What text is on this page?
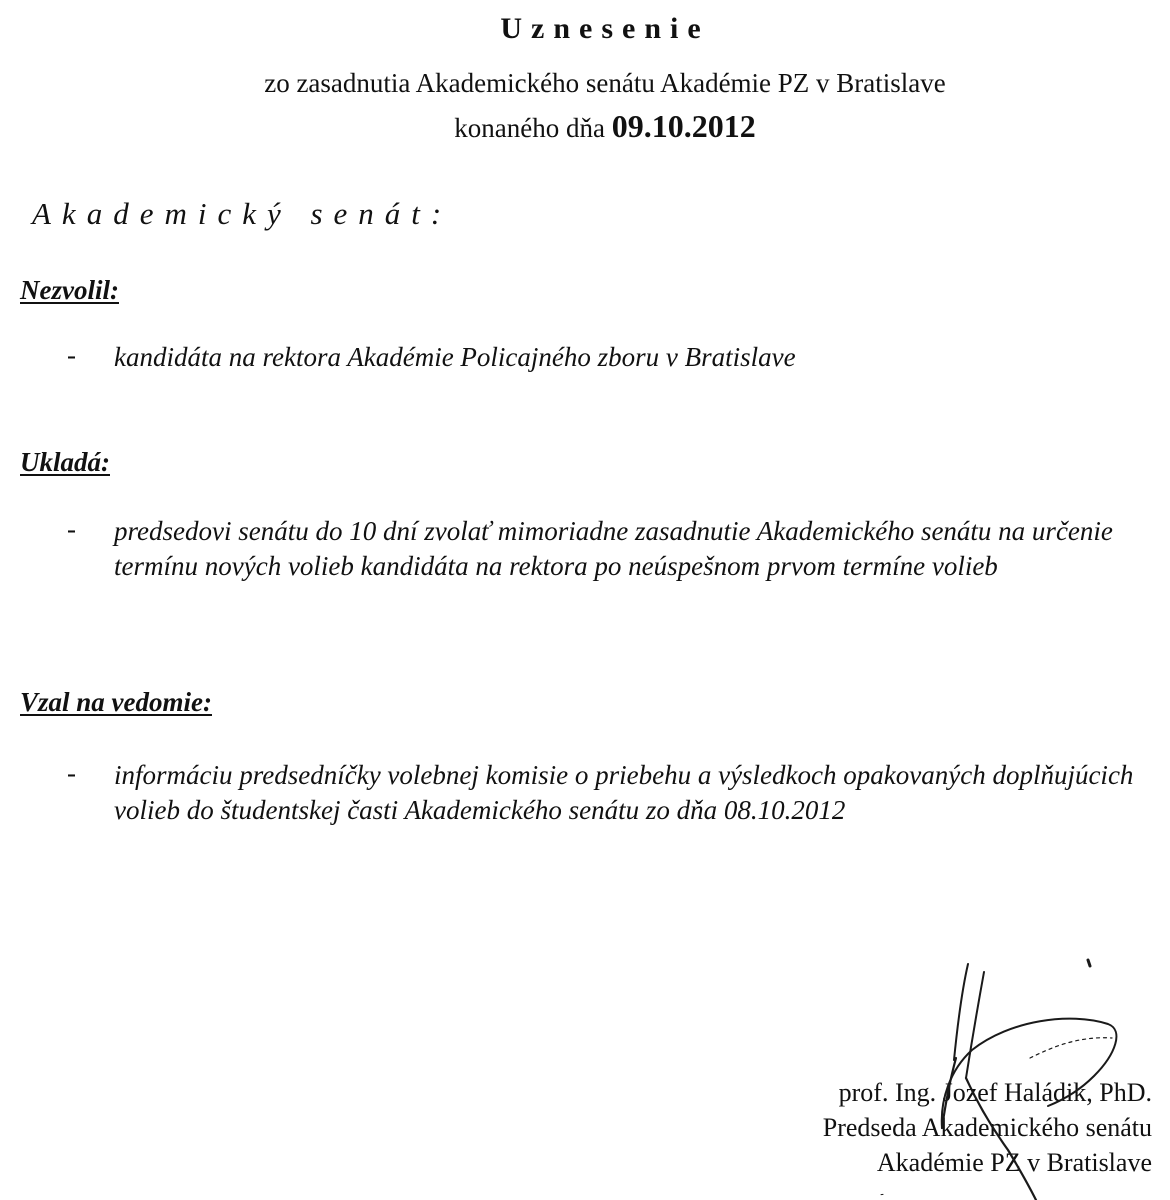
Uznesenie
zo zasadnutia Akademického senátu Akadémie PZ v Bratislave
konaného dňa 09.10.2012
Akademický senát:
Nezvolil:
- kandidáta na rektora Akadémie Policajného zboru v Bratislave
Ukladá:
- predsedovi senátu do 10 dní zvolať mimoriadne zasadnutie Akademického senátu na určenie termínu nových volieb kandidáta na rektora po neúspešnom prvom termíne volieb
Vzal na vedomie:
- informáciu predsedníčky volebnej komisie o priebehu a výsledkoch opakovaných doplňujúcich volieb do študentskej časti Akademického senátu zo dňa 08.10.2012
prof. Ing. Jozef Haládik, PhD.
Predseda Akademického senátu
Akadémie PZ v Bratislave
